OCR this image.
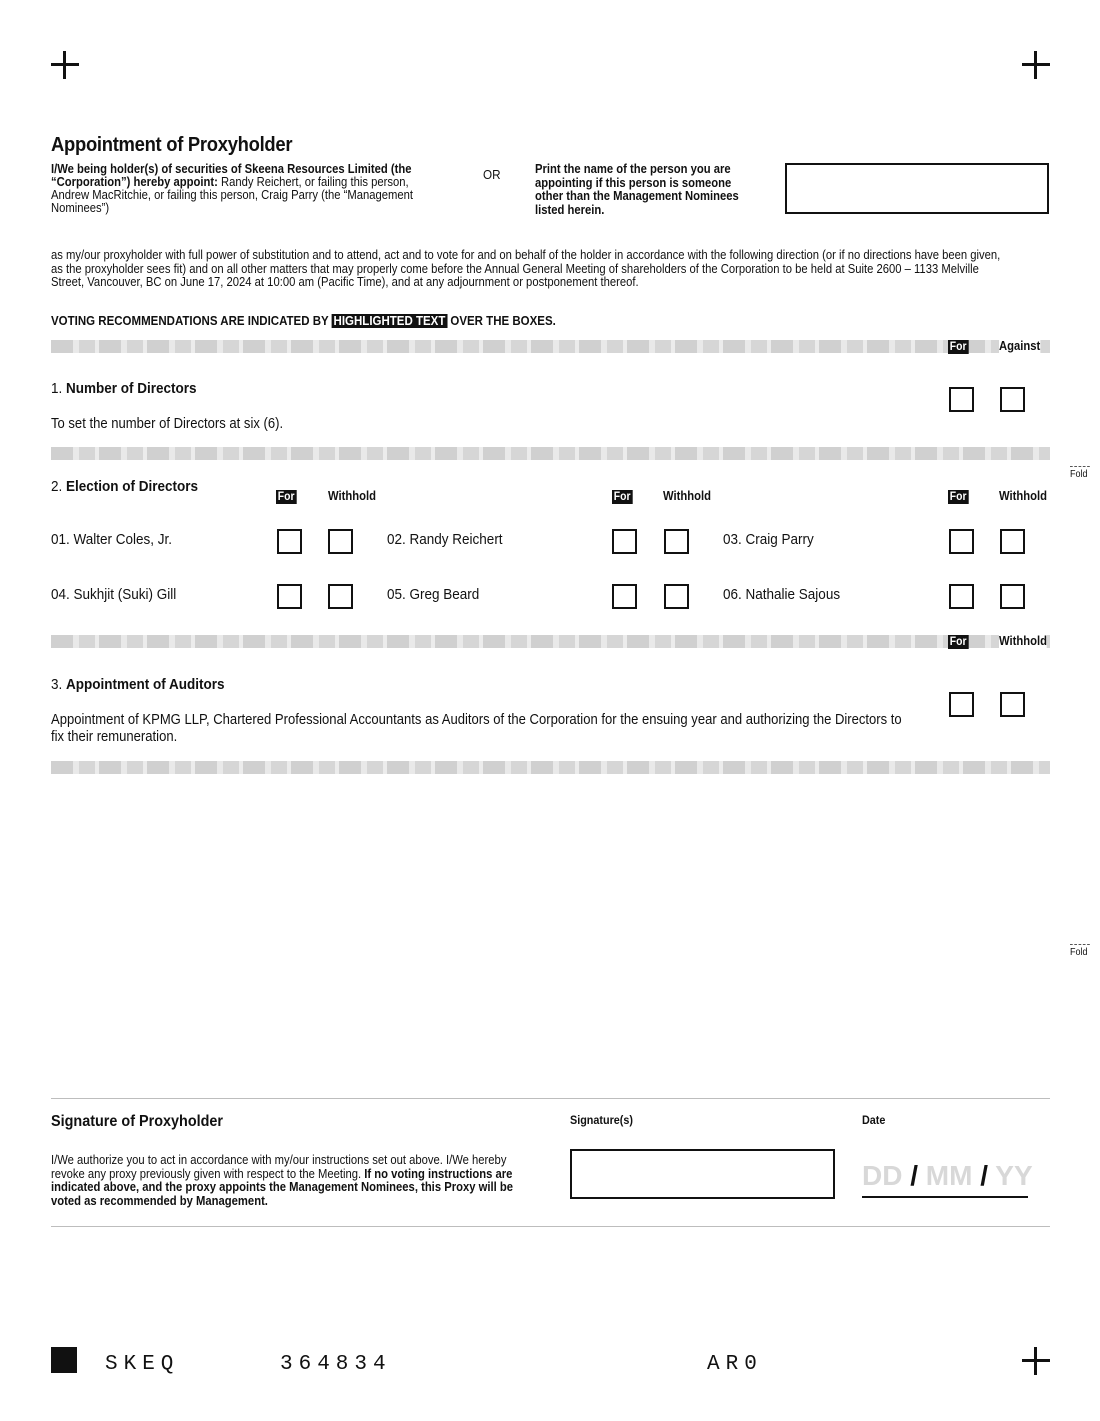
Appointment of Proxyholder
I/We being holder(s) of securities of Skeena Resources Limited (the “Corporation”) hereby appoint: Randy Reichert, or failing this person, Andrew MacRitchie, or failing this person, Craig Parry (the “Management Nominees”)
OR	Print the name of the person you are appointing if this person is someone other than the Management Nominees listed herein.
as my/our proxyholder with full power of substitution and to attend, act and to vote for and on behalf of the holder in accordance with the following direction (or if no directions have been given, as the proxyholder sees fit) and on all other matters that may properly come before the Annual General Meeting of shareholders of the Corporation to be held at Suite 2600 – 1133 Melville Street, Vancouver, BC on June 17, 2024 at 10:00 am (Pacific Time), and at any adjournment or postponement thereof.
VOTING RECOMMENDATIONS ARE INDICATED BY HIGHLIGHTED TEXT OVER THE BOXES.
For	Against
1. Number of Directors
To set the number of Directors at six (6).
Fold
2. Election of Directors
For	Withhold	For	Withhold	For	Withhold
01. Walter Coles, Jr.	02. Randy Reichert	03. Craig Parry
04. Sukhjit (Suki) Gill	05. Greg Beard	06. Nathalie Sajous
For	Withhold
3. Appointment of Auditors
Appointment of KPMG LLP, Chartered Professional Accountants as Auditors of the Corporation for the ensuing year and authorizing the Directors to fix their remuneration.
Fold
Signature of Proxyholder
I/We authorize you to act in accordance with my/our instructions set out above. I/We hereby revoke any proxy previously given with respect to the Meeting. If no voting instructions are indicated above, and the proxy appoints the Management Nominees, this Proxy will be voted as recommended by Management.
Signature(s)	Date
DD / MM / YY
SKEQ	364834	AR0
